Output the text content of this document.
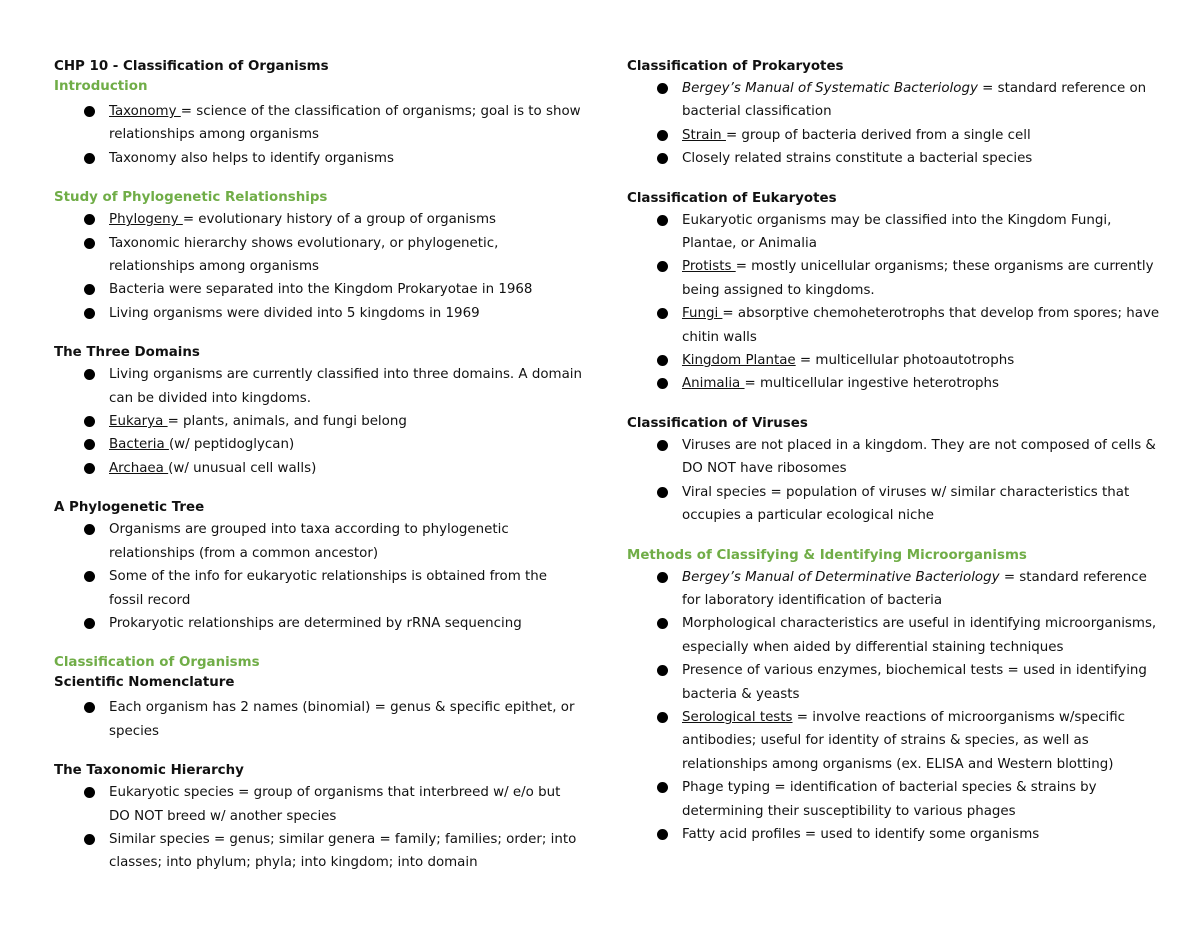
CHP 10 - Classification of Organisms

Introduction

Taxonomy = science of the classification of organisms; goal is to show relationships among organisms
Taxonomy also helps to identify organisms

Study of Phylogenetic Relationships

Phylogeny = evolutionary history of a group of organisms
Taxonomic hierarchy shows evolutionary, or phylogenetic, relationships among organisms
Bacteria were separated into the Kingdom Prokaryotae in 1968
Living organisms were divided into 5 kingdoms in 1969

The Three Domains

Living organisms are currently classified into three domains. A domain can be divided into kingdoms.
Eukarya = plants, animals, and fungi belong
Bacteria (w/ peptidoglycan)
Archaea (w/ unusual cell walls)

A Phylogenetic Tree

Organisms are grouped into taxa according to phylogenetic relationships (from a common ancestor)
Some of the info for eukaryotic relationships is obtained from the fossil record
Prokaryotic relationships are determined by rRNA sequencing

Classification of Organisms

Scientific Nomenclature

Each organism has 2 names (binomial) = genus & specific epithet, or species

The Taxonomic Hierarchy

Eukaryotic species = group of organisms that interbreed w/ e/o but DO NOT breed w/ another species
Similar species = genus; similar genera = family; families; order; into classes; into phylum; phyla; into kingdom; into domain

Classification of Prokaryotes

Bergey’s Manual of Systematic Bacteriology = standard reference on bacterial classification
Strain = group of bacteria derived from a single cell
Closely related strains constitute a bacterial species

Classification of Eukaryotes

Eukaryotic organisms may be classified into the Kingdom Fungi, Plantae, or Animalia
Protists = mostly unicellular organisms; these organisms are currently being assigned to kingdoms.
Fungi = absorptive chemoheterotrophs that develop from spores; have chitin walls
Kingdom Plantae = multicellular photoautotrophs
Animalia = multicellular ingestive heterotrophs

Classification of Viruses

Viruses are not placed in a kingdom. They are not composed of cells & DO NOT have ribosomes
Viral species = population of viruses w/ similar characteristics that occupies a particular ecological niche

Methods of Classifying & Identifying Microorganisms

Bergey’s Manual of Determinative Bacteriology = standard reference for laboratory identification of bacteria
Morphological characteristics are useful in identifying microorganisms, especially when aided by differential staining techniques
Presence of various enzymes, biochemical tests = used in identifying bacteria & yeasts
Serological tests = involve reactions of microorganisms w/specific antibodies; useful for identity of strains & species, as well as relationships among organisms (ex. ELISA and Western blotting)
Phage typing = identification of bacterial species & strains by determining their susceptibility to various phages
Fatty acid profiles = used to identify some organisms
